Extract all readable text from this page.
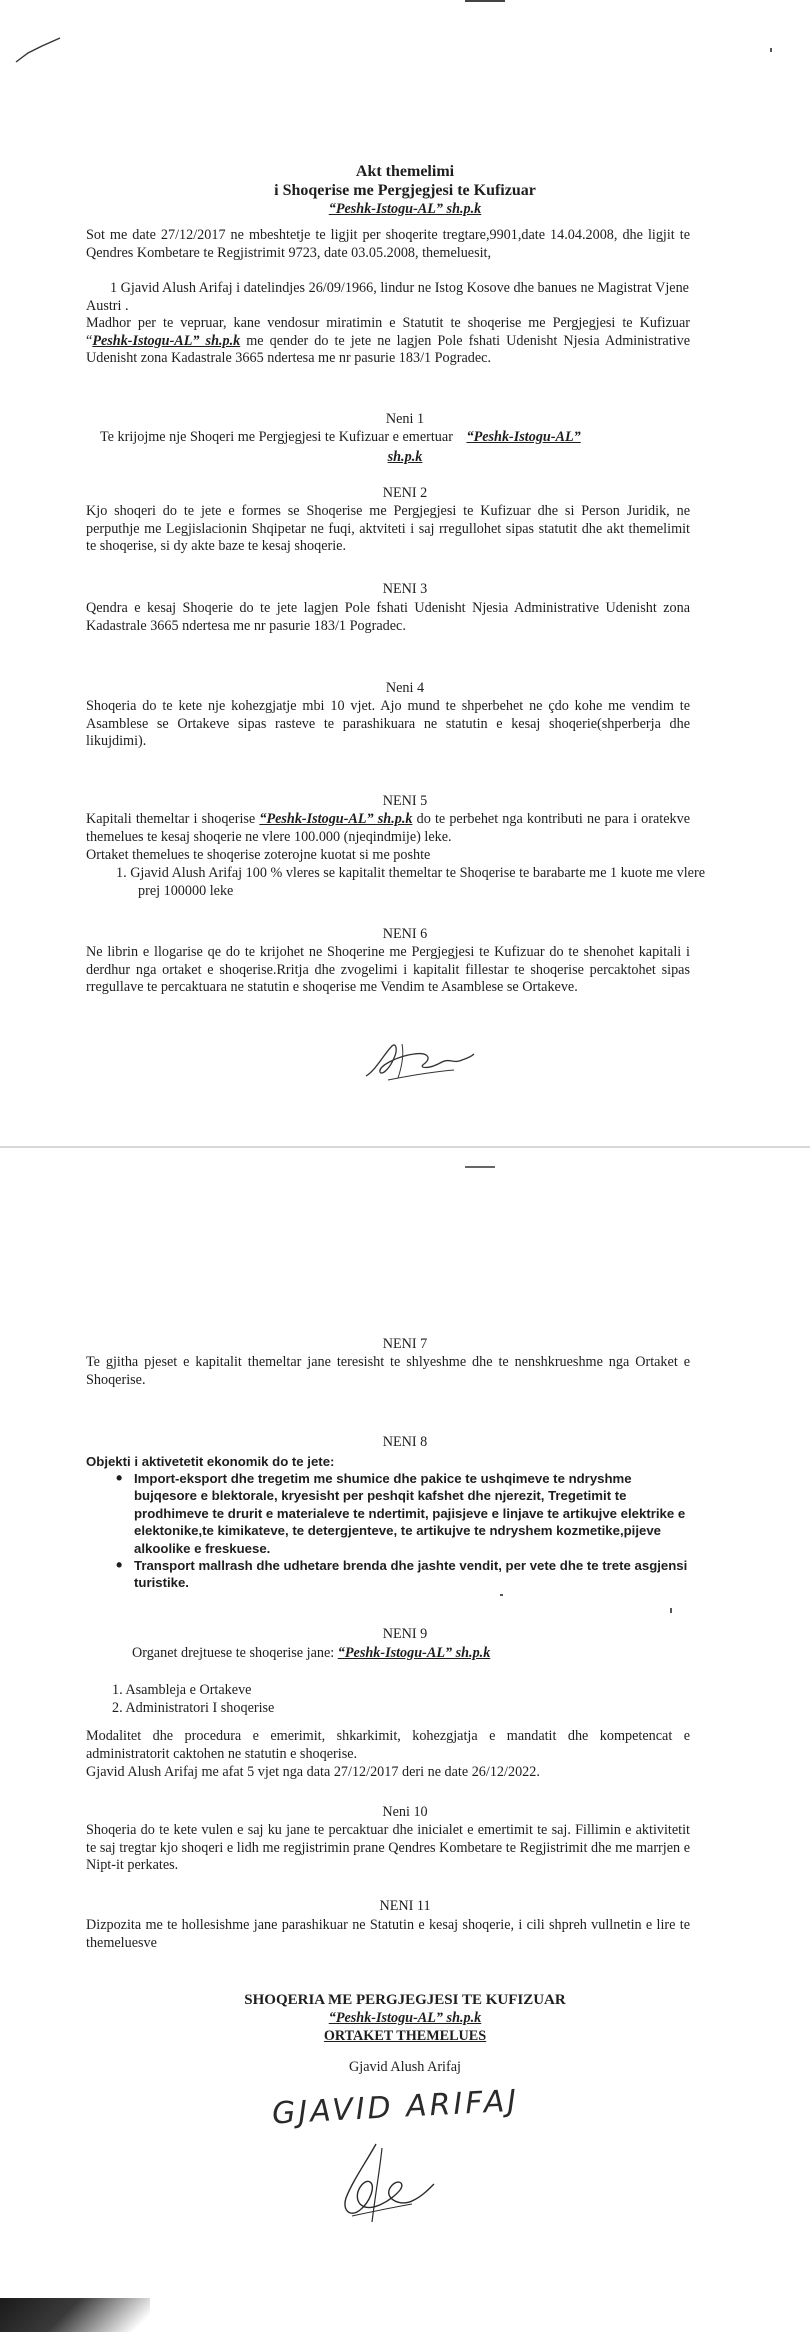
Akt themelimi
i Shoqerise me Pergjegjesi te Kufizuar
“Peshk-Istogu-AL” sh.p.k
Sot me date 27/12/2017 ne mbeshtetje te ligjit per shoqerite tregtare,9901,date 14.04.2008, dhe ligjit te Qendres Kombetare te Regjistrimit 9723, date 03.05.2008, themeluesit,
1 Gjavid Alush Arifaj i datelindjes 26/09/1966, lindur ne Istog Kosove dhe banues ne Magistrat Vjene Austri .
Madhor per te vepruar, kane vendosur miratimin e Statutit te shoqerise me Pergjegjesi te Kufizuar “Peshk-Istogu-AL” sh.p.k me qender do te jete ne lagjen Pole fshati Udenisht Njesia Administrative Udenisht zona Kadastrale 3665 ndertesa me nr pasurie 183/1 Pogradec.
Neni 1
Te krijojme nje Shoqeri me Pergjegjesi te Kufizuar e emertuar “Peshk-Istogu-AL”
sh.p.k
NENI 2
Kjo shoqeri do te jete e formes se Shoqerise me Pergjegjesi te Kufizuar dhe si Person Juridik, ne perputhje me Legjislacionin Shqipetar ne fuqi, aktviteti i saj rregullohet sipas statutit dhe akt themelimit te shoqerise, si dy akte baze te kesaj shoqerie.
NENI 3
Qendra e kesaj Shoqerie do te jete lagjen Pole fshati Udenisht Njesia Administrative Udenisht zona Kadastrale 3665 ndertesa me nr pasurie 183/1 Pogradec.
Neni 4
Shoqeria do te kete nje kohezgjatje mbi 10 vjet. Ajo mund te shperbehet ne çdo kohe me vendim te Asamblese se Ortakeve sipas rasteve te parashikuara ne statutin e kesaj shoqerie(shperberja dhe likujdimi).
NENI 5
Kapitali themeltar i shoqerise “Peshk-Istogu-AL” sh.p.k do te perbehet nga kontributi ne para i oratekve themelues te kesaj shoqerie ne vlere 100.000 (njeqindmije) leke.
Ortaket themelues te shoqerise zoterojne kuotat si me poshte
1. Gjavid Alush Arifaj 100 % vleres se kapitalit themeltar te Shoqerise te barabarte me 1 kuote me vlere prej 100000 leke
NENI 6
Ne librin e llogarise qe do te krijohet ne Shoqerine me Pergjegjesi te Kufizuar do te shenohet kapitali i derdhur nga ortaket e shoqerise.Rritja dhe zvogelimi i kapitalit fillestar te shoqerise percaktohet sipas rregullave te percaktuara ne statutin e shoqerise me Vendim te Asamblese se Ortakeve.
NENI 7
Te gjitha pjeset e kapitalit themeltar jane teresisht te shlyeshme dhe te nenshkrueshme nga Ortaket e Shoqerise.
NENI 8
Objekti i aktivetetit ekonomik do te jete:
• Import-eksport dhe tregetim me shumice dhe pakice te ushqimeve te ndryshme bujqesore e blektorale, kryesisht per peshqit kafshet dhe njerezit, Tregetimit te prodhimeve te drurit e materialeve te ndertimit, pajisjeve e linjave te artikujve elektrike e elektonike,te kimikateve, te detergjenteve, te artikujve te ndryshem kozmetike,pijeve alkoolike e freskuese.
• Transport mallrash dhe udhetare brenda dhe jashte vendit, per vete dhe te trete asgjensi turistike.
NENI 9
Organet drejtuese te shoqerise jane: “Peshk-Istogu-AL” sh.p.k
1. Asambleja e Ortakeve
2. Administratori I shoqerise
Modalitet dhe procedura e emerimit, shkarkimit, kohezgjatja e mandatit dhe kompetencat e administratorit caktohen ne statutin e shoqerise.
Gjavid Alush Arifaj me afat 5 vjet nga data 27/12/2017 deri ne date 26/12/2022.
Neni 10
Shoqeria do te kete vulen e saj ku jane te percaktuar dhe inicialet e emertimit te saj. Fillimin e aktivitetit te saj tregtar kjo shoqeri e lidh me regjistrimin prane Qendres Kombetare te Regjistrimit dhe me marrjen e Nipt-it perkates.
NENI 11
Dizpozita me te hollesishme jane parashikuar ne Statutin e kesaj shoqerie, i cili shpreh vullnetin e lire te themeluesve
SHOQERIA ME PERGJEGJESI TE KUFIZUAR
“Peshk-Istogu-AL” sh.p.k
ORTAKET THEMELUES
Gjavid Alush Arifaj
GJAVID ARIFAJ
